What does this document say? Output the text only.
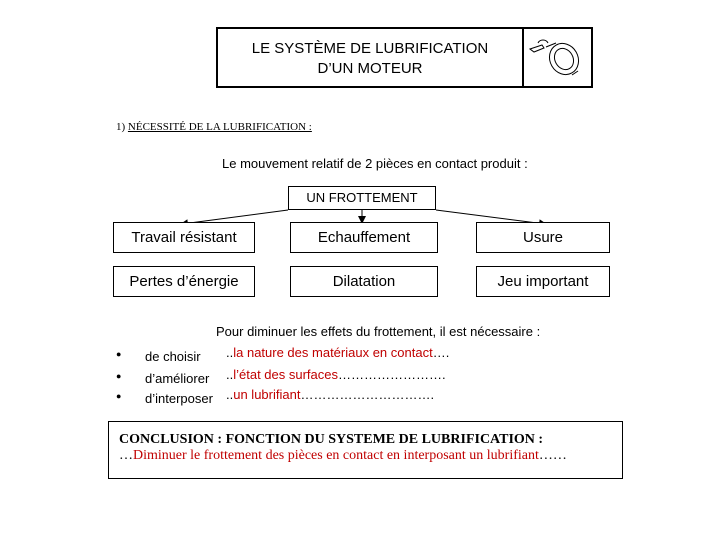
LE SYSTÈME DE LUBRIFICATION
D’UN MOTEUR
1) NÉCESSITÉ DE LA LUBRIFICATION :
Le mouvement relatif de 2 pièces en contact produit :
UN FROTTEMENT
Travail résistant	Echauffement	Usure
Pertes d’énergie	Dilatation	Jeu important
Pour diminuer les effets du frottement, il est nécessaire :
● de choisir ..la nature des matériaux en contact….
● d’améliorer ..l’état des surfaces…………………….
● d’interposer ..un lubrifiant………………………….
CONCLUSION : FONCTION DU SYSTEME DE LUBRIFICATION :
…Diminuer le frottement des pièces en contact en interposant un lubrifiant……
